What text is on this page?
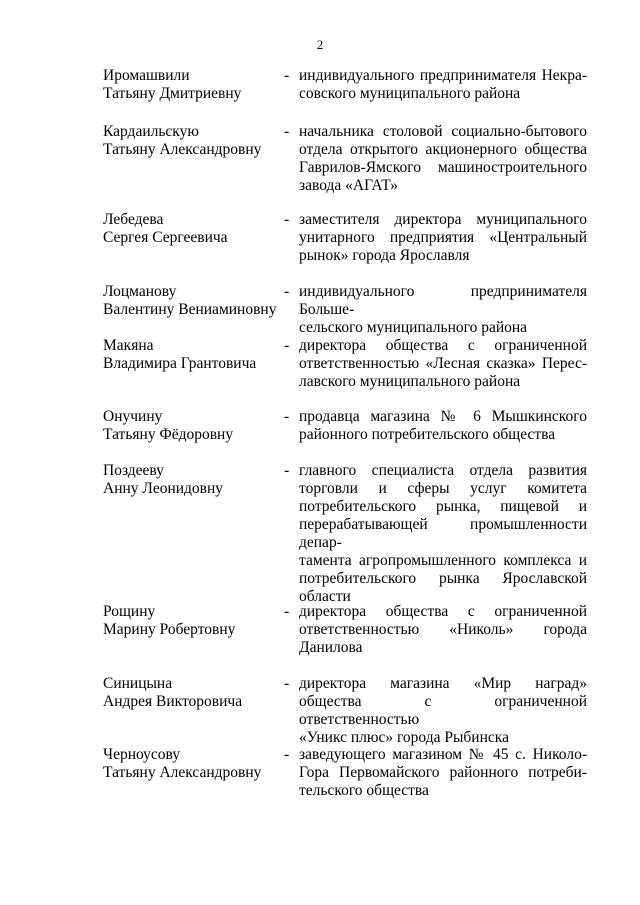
2
Иромашвили
Татьяну Дмитриевну
- индивидуального предпринимателя Некра-
совского муниципального района
Кардаильскую
Татьяну Александровну
- начальника столовой социально-бытового
отдела открытого акционерного общества
Гаврилов-Ямского машиностроительного
завода «АГАТ»
Лебедева
Сергея Сергеевича
- заместителя директора муниципального
унитарного предприятия «Центральный
рынок» города Ярославля
Лоцманову
Валентину Вениаминовну
- индивидуального предпринимателя Больше-
сельского муниципального района
Макяна
Владимира Грантовича
- директора общества с ограниченной
ответственностью «Лесная сказка» Перес-
лавского муниципального района
Онучину
Татьяну Фёдоровну
- продавца магазина № 6 Мышкинского
районного потребительского общества
Поздееву
Анну Леонидовну
- главного специалиста отдела развития
торговли и сферы услуг комитета
потребительского рынка, пищевой и
перерабатывающей промышленности депар-
тамента агропромышленного комплекса и
потребительского рынка Ярославской
области
Рощину
Марину Робертовну
- директора общества с ограниченной
ответственностью «Николь» города
Данилова
Синицына
Андрея Викторовича
- директора магазина «Мир наград»
общества с ограниченной ответственностью
«Уникс плюс» города Рыбинска
Черноусову
Татьяну Александровну
- заведующего магазином № 45 с. Николо-
Гора Первомайского районного потреби-
тельского общества
